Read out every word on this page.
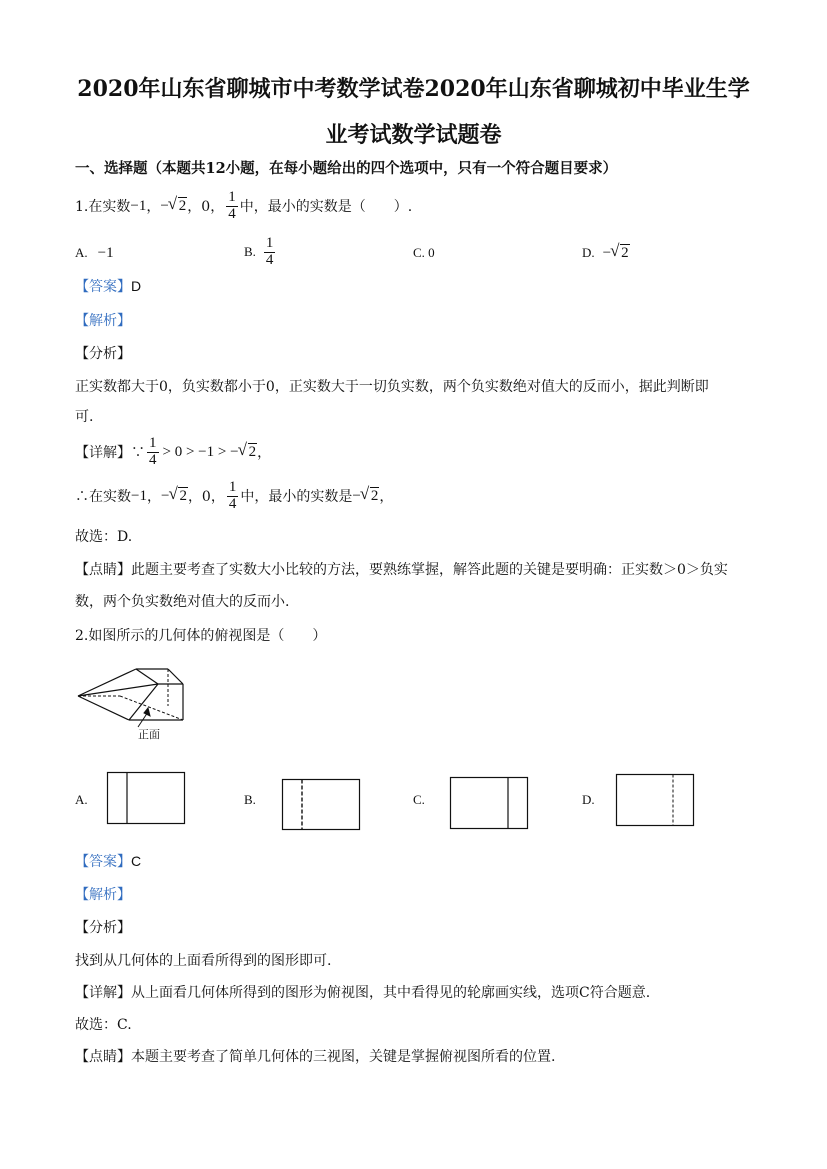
2020年山东省聊城市中考数学试卷2020年山东省聊城初中毕业生学
业考试数学试题卷
一、选择题（本题共12小题，在每小题给出的四个选项中，只有一个符合题目要求）
1.在实数 −1 ， − √ 2 ，0， $\frac{1}{4}$ 中，最小的实数是（　　）.
A. −1	B. $\frac{1}{4}$	C. 0	D. − √ 2
【答案】D
【解析】
【分析】
正实数都大于0，负实数都小于0，正实数大于一切负实数，两个负实数绝对值大的反而小，据此判断即
可.
【详解】∵ $\frac{1}{4} > 0 > -1$ > − √ 2 ，
∴在实数 −1 ， − √ 2 ，0， $\frac{1}{4}$ 中，最小的实数是 − √ 2 ，
故选：D.
【点睛】此题主要考查了实数大小比较的方法，要熟练掌握，解答此题的关键是要明确：正实数＞0＞负实
数，两个负实数绝对值大的反而小.
2.如图所示的几何体的俯视图是（　　）
正面
A.	B.	C.	D.
【答案】C
【解析】
【分析】
找到从几何体的上面看所得到的图形即可.
【详解】从上面看几何体所得到的图形为俯视图，其中看得见的轮廓画实线，选项C符合题意.
故选：C.
【点睛】本题主要考查了简单几何体的三视图，关键是掌握俯视图所看的位置.
